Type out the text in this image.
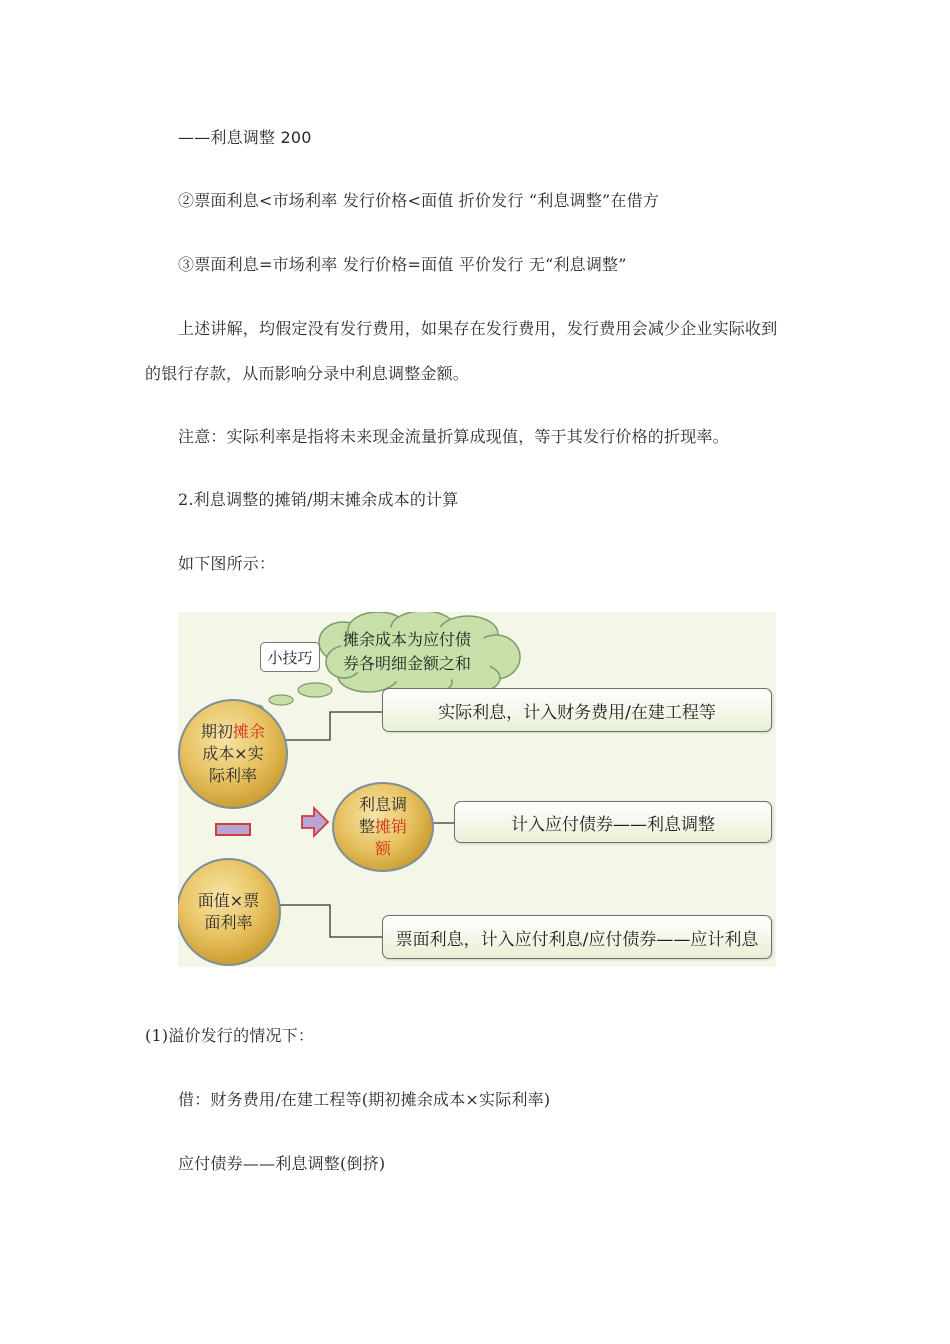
——利息调整 200
②票面利息<市场利率 发行价格<面值 折价发行 “利息调整”在借方
③票面利息=市场利率 发行价格=面值 平价发行 无“利息调整”
上述讲解，均假定没有发行费用，如果存在发行费用，发行费用会减少企业实际收到
的银行存款，从而影响分录中利息调整金额。
注意：实际利率是指将未来现金流量折算成现值，等于其发行价格的折现率。
2.利息调整的摊销/期末摊余成本的计算
如下图所示：
小技巧
摊余成本为应付债
券各明细金额之和
期初摊余
成本×实
际利率
利息调
整摊销
额
面值×票
面利率
实际利息，计入财务费用/在建工程等
计入应付债券——利息调整
票面利息，计入应付利息/应付债券——应计利息
(1)溢价发行的情况下：
借：财务费用/在建工程等(期初摊余成本×实际利率)
应付债券——利息调整(倒挤)
